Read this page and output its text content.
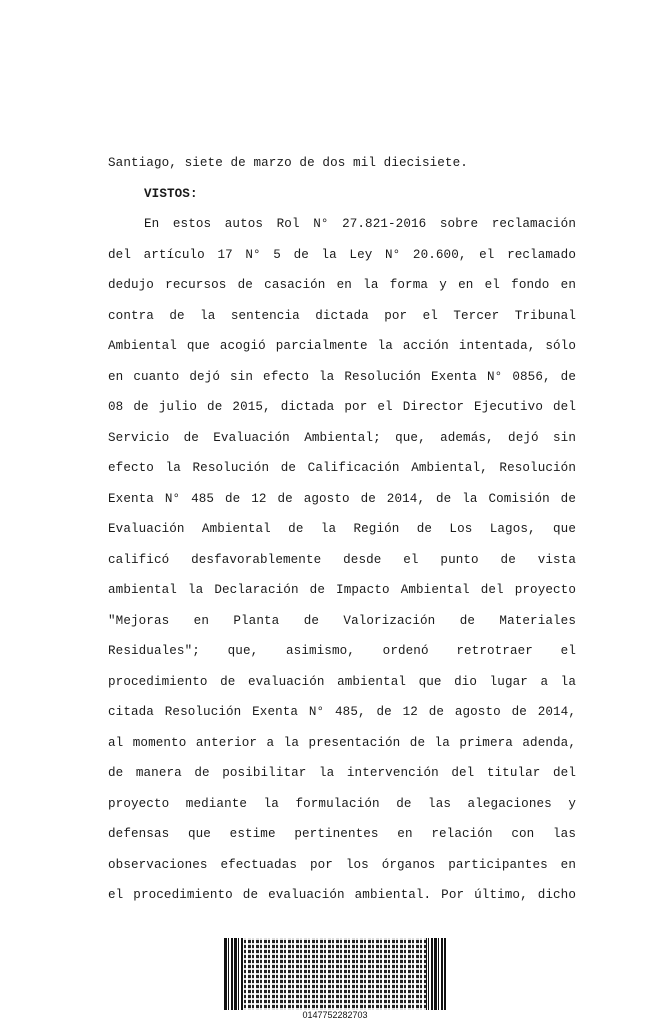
Santiago, siete de marzo de dos mil diecisiete.
VISTOS:
En estos autos Rol N° 27.821-2016 sobre reclamación
del artículo 17 N° 5 de la Ley N° 20.600, el reclamado
dedujo recursos de casación en la forma y en el fondo en
contra de la sentencia dictada por el Tercer Tribunal
Ambiental que acogió parcialmente la acción intentada, sólo
en cuanto dejó sin efecto la Resolución Exenta N° 0856, de
08 de julio de 2015, dictada por el Director Ejecutivo del
Servicio de Evaluación Ambiental; que, además, dejó sin
efecto la Resolución de Calificación Ambiental, Resolución
Exenta N° 485 de 12 de agosto de 2014, de la Comisión de
Evaluación Ambiental de la Región de Los Lagos, que
calificó desfavorablemente desde el punto de vista
ambiental la Declaración de Impacto Ambiental del proyecto
"Mejoras en Planta de Valorización de Materiales
Residuales"; que, asimismo, ordenó retrotraer el
procedimiento de evaluación ambiental que dio lugar a la
citada Resolución Exenta N° 485, de 12 de agosto de 2014,
al momento anterior a la presentación de la primera adenda,
de manera de posibilitar la intervención del titular del
proyecto mediante la formulación de las alegaciones y
defensas que estime pertinentes en relación con las
observaciones efectuadas por los órganos participantes en
el procedimiento de evaluación ambiental. Por último, dicho
0147752282703
